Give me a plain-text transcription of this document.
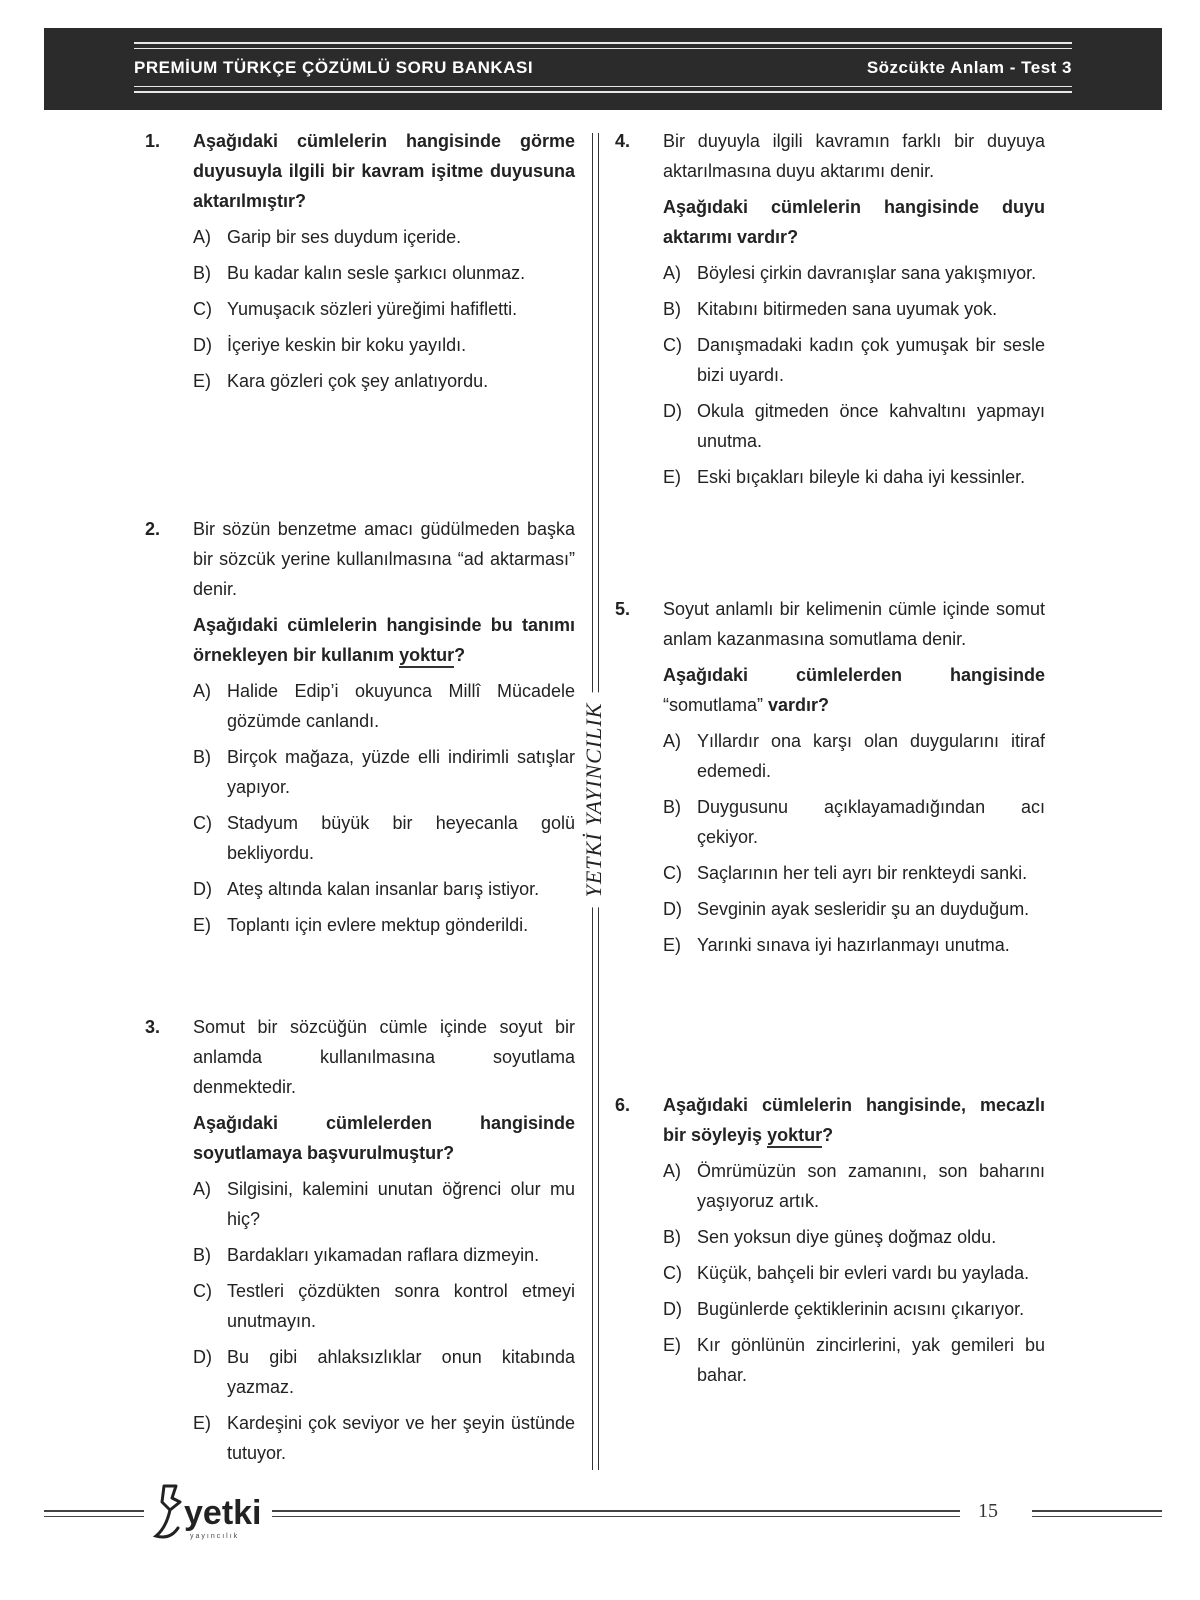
PREMİUM TÜRKÇE ÇÖZÜMLÜ SORU BANKASI	Sözcükte Anlam - Test 3
1. Aşağıdaki cümlelerin hangisinde görme duyusuyla ilgili bir kavram işitme duyusuna aktarılmıştır?

A) Garip bir ses duydum içeride.
B) Bu kadar kalın sesle şarkıcı olunmaz.
C) Yumuşacık sözleri yüreğimi hafifletti.
D) İçeriye keskin bir koku yayıldı.
E) Kara gözleri çok şey anlatıyordu.
2. Bir sözün benzetme amacı güdülmeden başka bir sözcük yerine kullanılmasına “ad aktarması” denir.

Aşağıdaki cümlelerin hangisinde bu tanımı örnekleyen bir kullanım yoktur?

A) Halide Edip’i okuyunca Millî Mücadele gözümde canlandı.
B) Birçok mağaza, yüzde elli indirimli satışlar yapıyor.
C) Stadyum büyük bir heyecanla golü bekliyordu.
D) Ateş altında kalan insanlar barış istiyor.
E) Toplantı için evlere mektup gönderildi.
3. Somut bir sözcüğün cümle içinde soyut bir anlamda kullanılmasına soyutlama denmektedir.

Aşağıdaki cümlelerden hangisinde soyutlamaya başvurulmuştur?

A) Silgisini, kalemini unutan öğrenci olur mu hiç?
B) Bardakları yıkamadan raflara dizmeyin.
C) Testleri çözdükten sonra kontrol etmeyi unutmayın.
D) Bu gibi ahlaksızlıklar onun kitabında yazmaz.
E) Kardeşini çok seviyor ve her şeyin üstünde tutuyor.
YETKİ YAYINCILIK
4. Bir duyuyla ilgili kavramın farklı bir duyuya aktarılmasına duyu aktarımı denir.

Aşağıdaki cümlelerin hangisinde duyu aktarımı vardır?

A) Böylesi çirkin davranışlar sana yakışmıyor.
B) Kitabını bitirmeden sana uyumak yok.
C) Danışmadaki kadın çok yumuşak bir sesle bizi uyardı.
D) Okula gitmeden önce kahvaltını yapmayı unutma.
E) Eski bıçakları bileyle ki daha iyi kessinler.
5. Soyut anlamlı bir kelimenin cümle içinde somut anlam kazanmasına somutlama denir.

Aşağıdaki cümlelerden hangisinde “somutlama” vardır?

A) Yıllardır ona karşı olan duygularını itiraf edemedi.
B) Duygusunu açıklayamadığından acı çekiyor.
C) Saçlarının her teli ayrı bir renkteydi sanki.
D) Sevginin ayak sesleridir şu an duyduğum.
E) Yarınki sınava iyi hazırlanmayı unutma.
6. Aşağıdaki cümlelerin hangisinde, mecazlı bir söyleyiş yoktur?

A) Ömrümüzün son zamanını, son baharını yaşıyoruz artık.
B) Sen yoksun diye güneş doğmaz oldu.
C) Küçük, bahçeli bir evleri vardı bu yaylada.
D) Bugünlerde çektiklerinin acısını çıkarıyor.
E) Kır gönlünün zincirlerini, yak gemileri bu bahar.
yetki
yayıncılık
15
